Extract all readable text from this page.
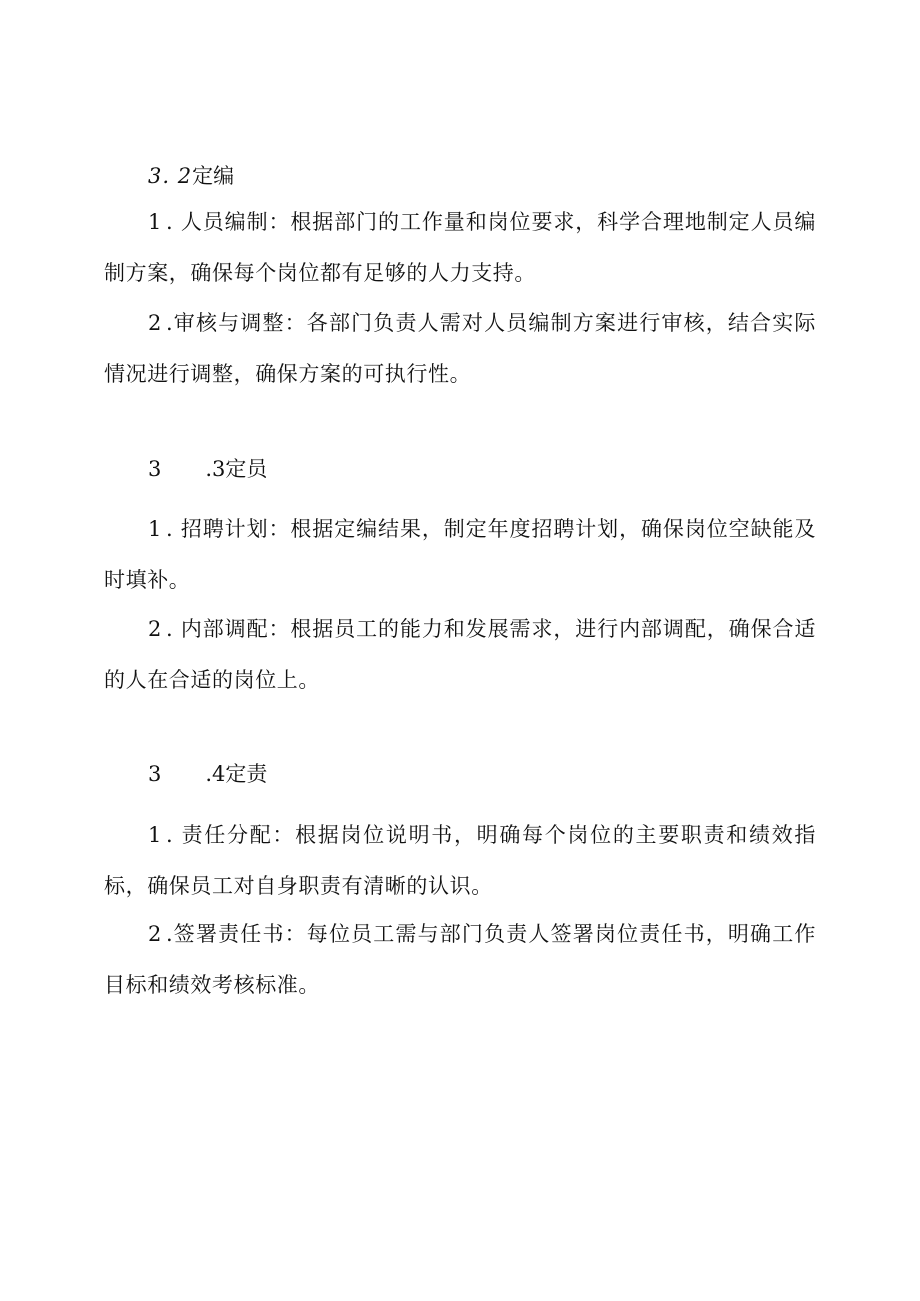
3. 2定编
1 . 人员编制：根据部门的工作量和岗位要求，科学合理地制定人员编制方案，确保每个岗位都有足够的人力支持。
2 .审核与调整：各部门负责人需对人员编制方案进行审核，结合实际情况进行调整，确保方案的可执行性。
3 .3定员
1 . 招聘计划：根据定编结果，制定年度招聘计划，确保岗位空缺能及时填补。
2 . 内部调配：根据员工的能力和发展需求，进行内部调配，确保合适的人在合适的岗位上。
3 .4定责
1 . 责任分配：根据岗位说明书，明确每个岗位的主要职责和绩效指标，确保员工对自身职责有清晰的认识。
2 .签署责任书：每位员工需与部门负责人签署岗位责任书，明确工作目标和绩效考核标准。
